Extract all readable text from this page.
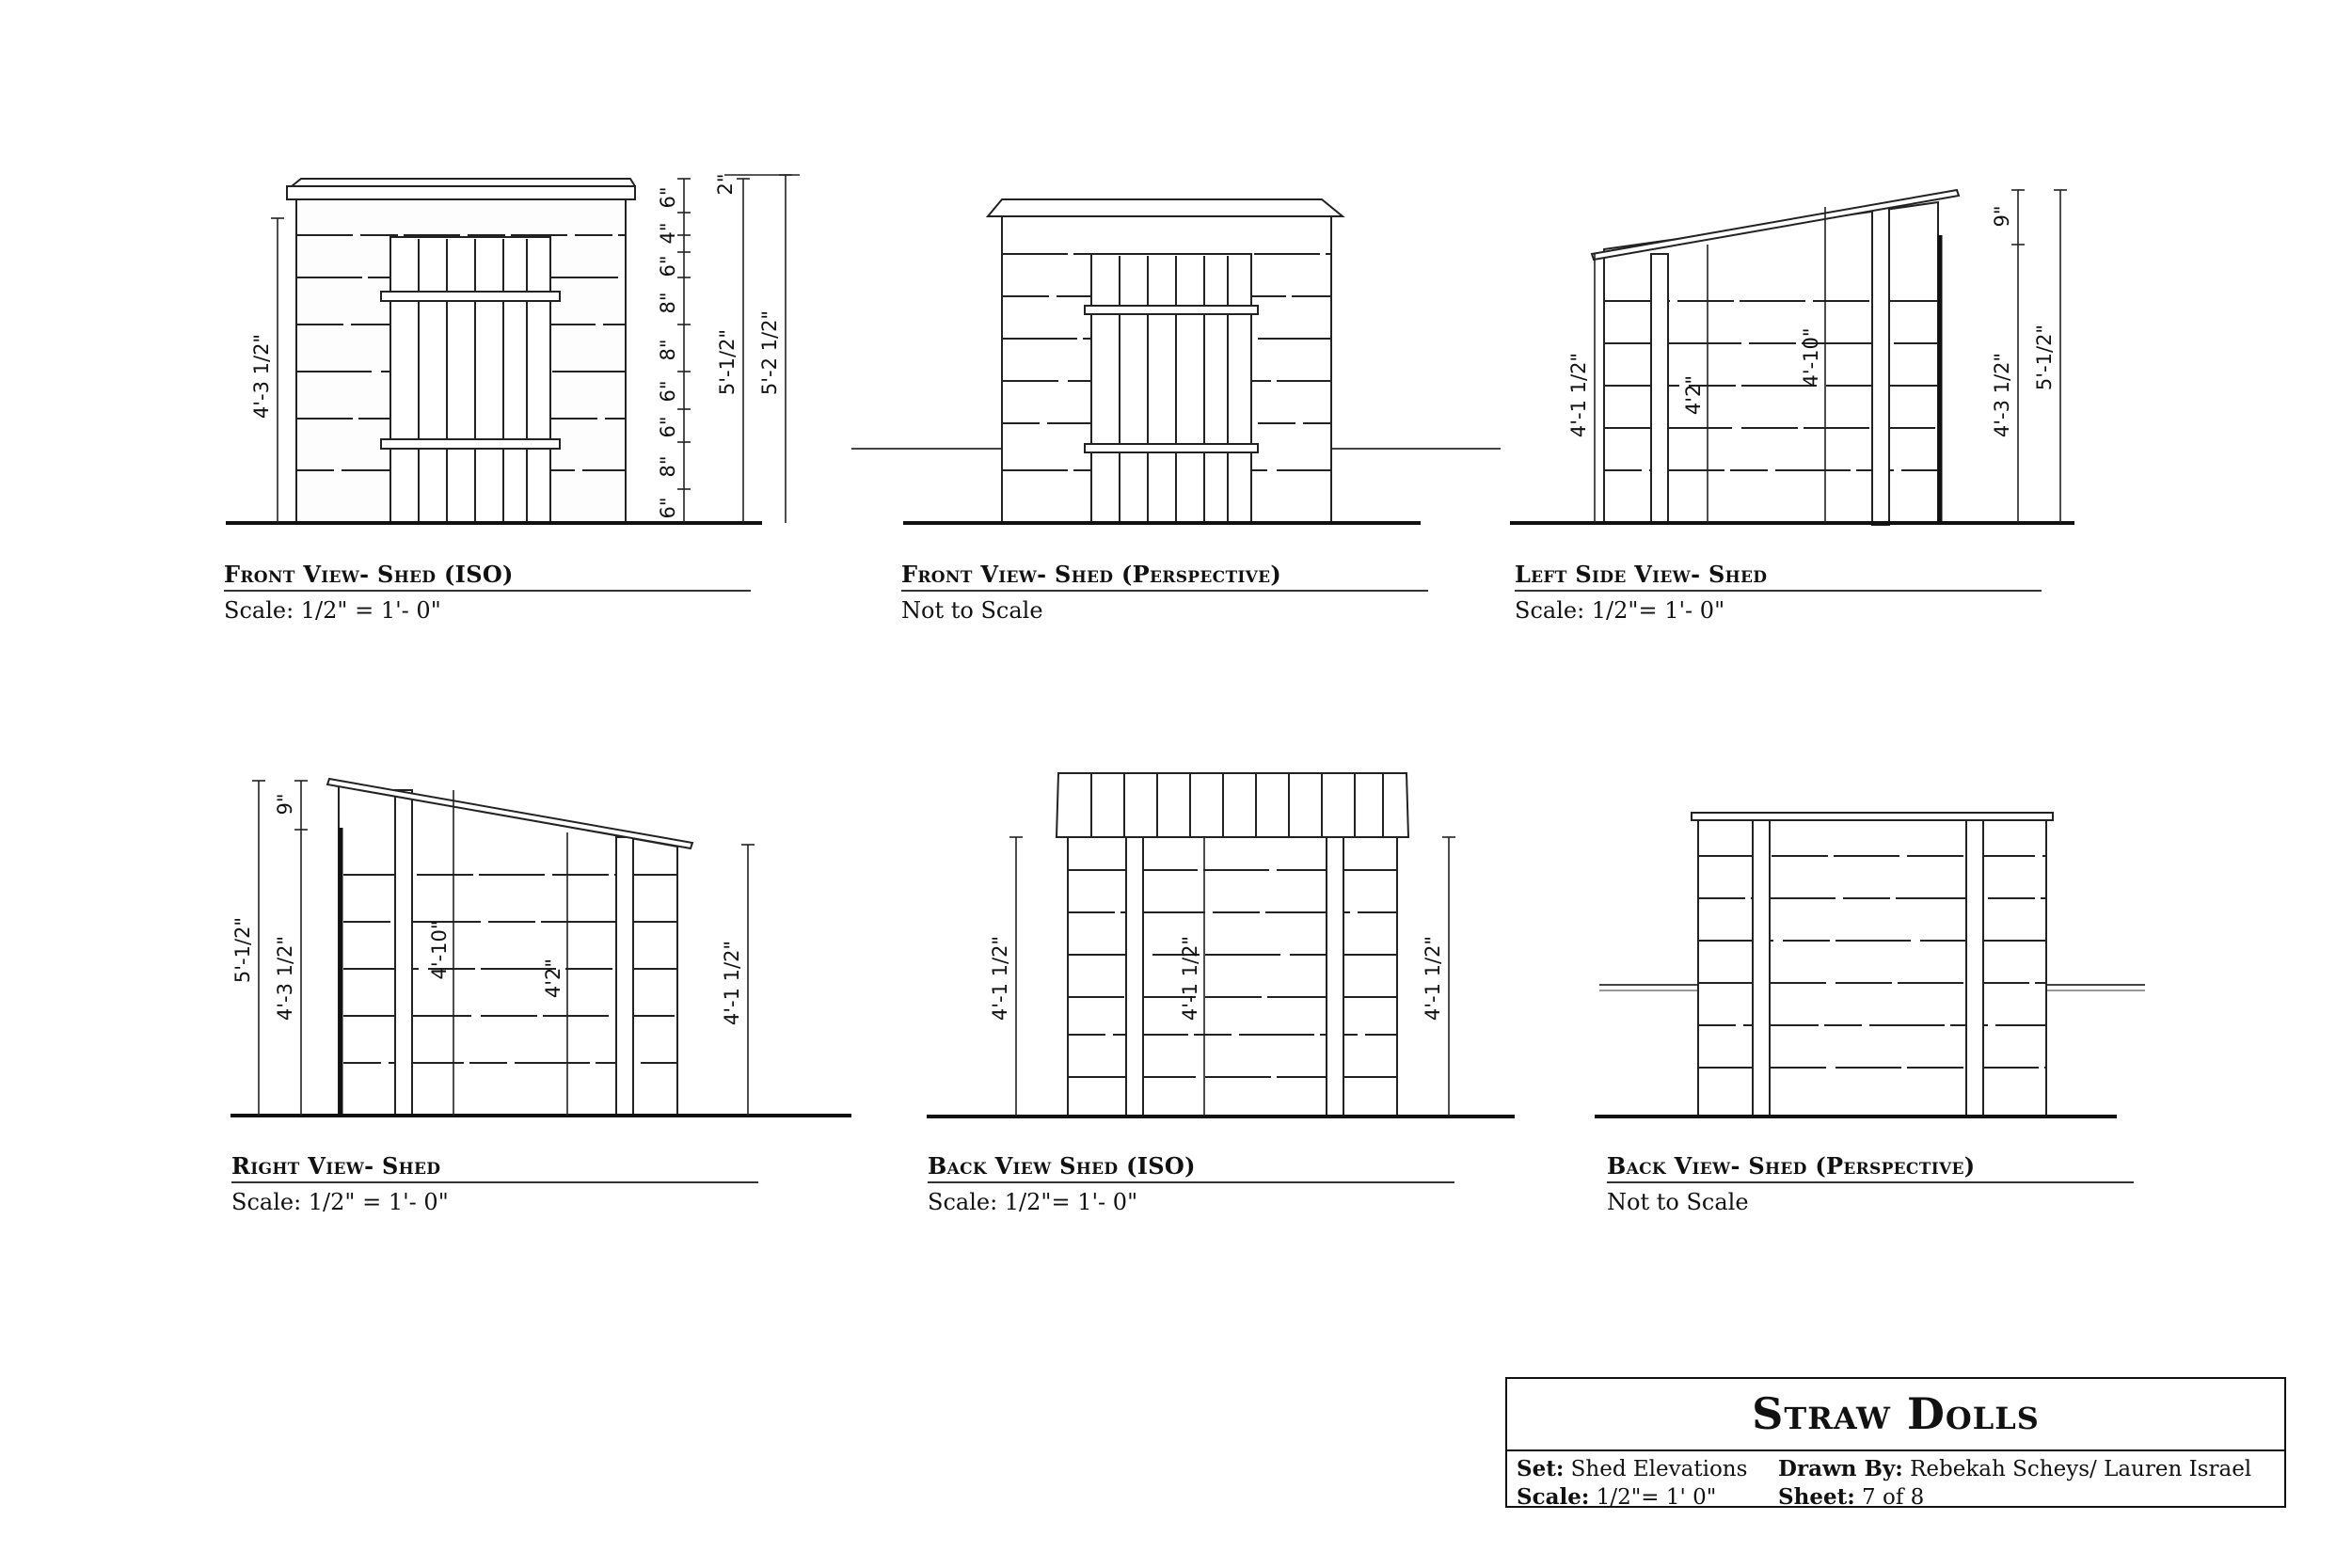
4'-3 1/2"
6"
4"
6"
8"
8"
6"
6"
8"
6"
2"
5'-1/2" 5'-2 1/2"
Front View- Shed (ISO)
Scale: 1/2" = 1'- 0"
Front View- Shed (Perspective)
Not to Scale
4'-1 1/2"	4'2"
4'-10"
9"
4'-3 1/2" 5'-1/2"
Left Side View- Shed
Scale: 1/2"= 1'- 0"
5'-1/2" 4'-3 1/2"
9"
4'-10"	4'2"	4'-1 1/2"
Right View- Shed
Scale: 1/2" = 1'- 0"
4'-1 1/2"	4'-1 1/2"	4'-1 1/2"
Back View Shed (ISO)
Scale: 1/2"= 1'- 0"
Back View- Shed (Perspective)
Not to Scale
Straw Dolls
Set: Shed Elevations	Drawn By: Rebekah Scheys/ Lauren Israel
Scale: 1/2"= 1' 0"	Sheet: 7 of 8
